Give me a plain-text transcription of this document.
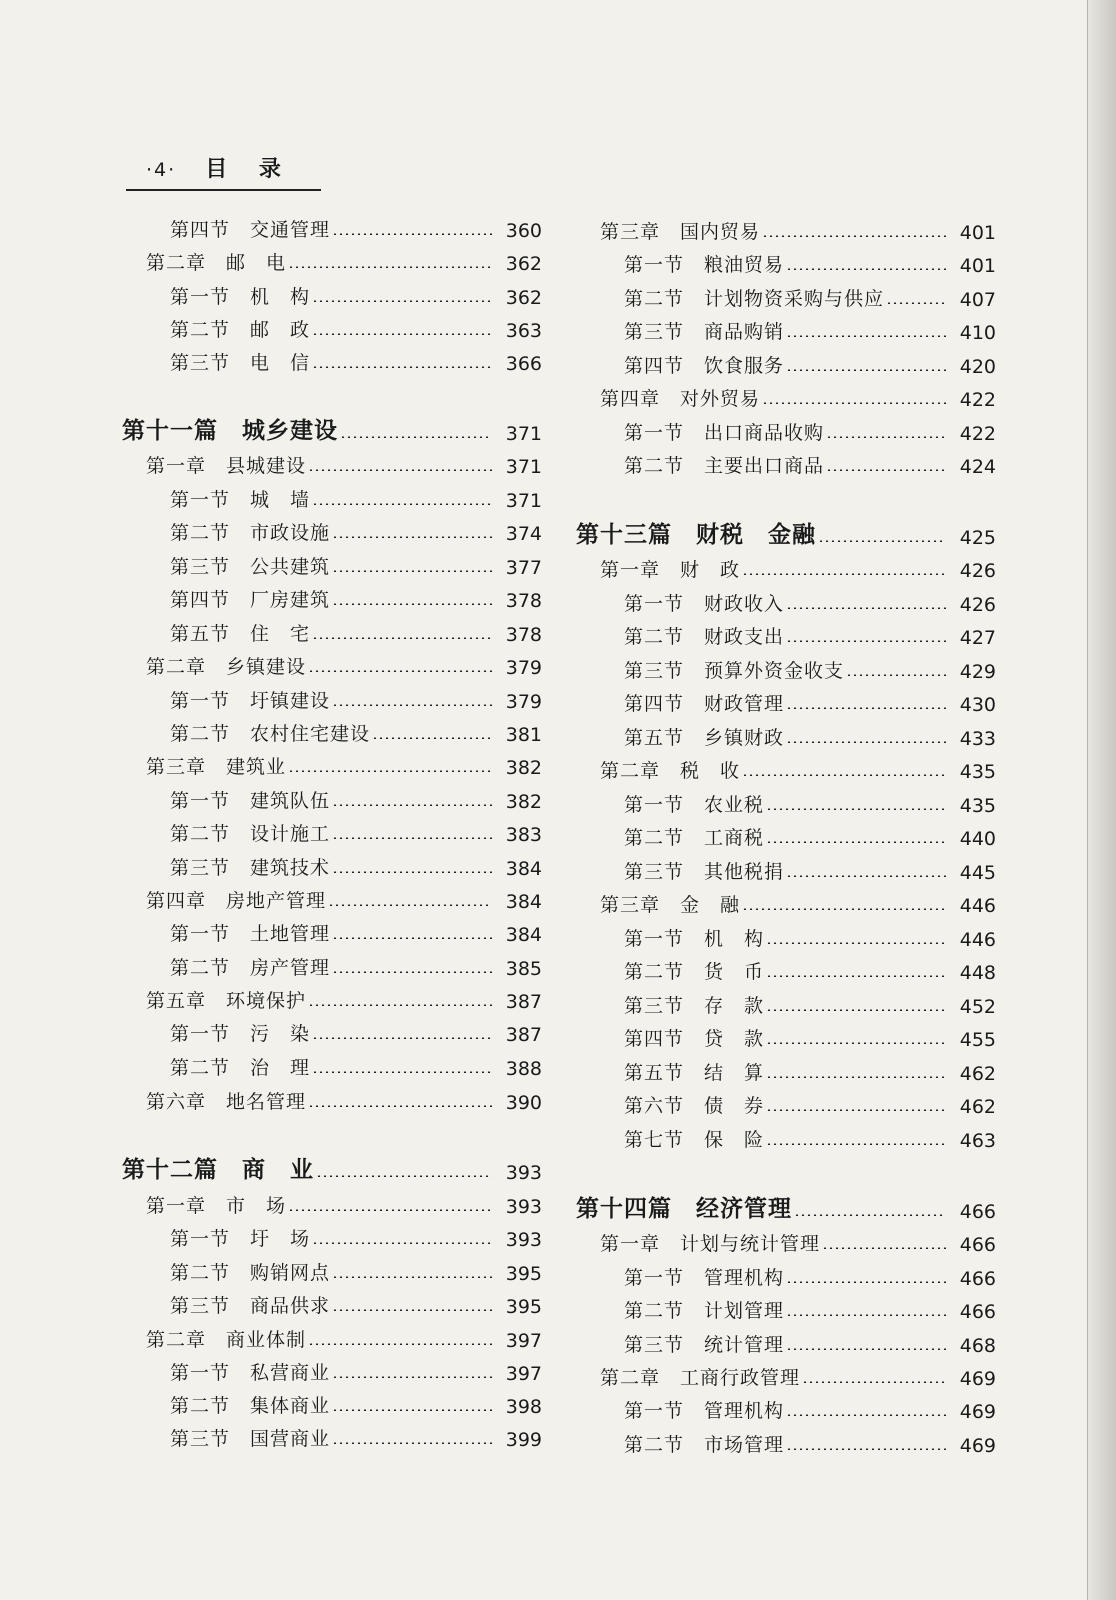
·4· 目 录
第四节　交通管理	360
第二章　邮　电	362
第一节　机　构	362
第二节　邮　政	363
第三节　电　信	366
第十一篇　城乡建设	371
第一章　县城建设	371
第一节　城　墙	371
第二节　市政设施	374
第三节　公共建筑	377
第四节　厂房建筑	378
第五节　住　宅	378
第二章　乡镇建设	379
第一节　圩镇建设	379
第二节　农村住宅建设	381
第三章　建筑业	382
第一节　建筑队伍	382
第二节　设计施工	383
第三节　建筑技术	384
第四章　房地产管理	384
第一节　土地管理	384
第二节　房产管理	385
第五章　环境保护	387
第一节　污　染	387
第二节　治　理	388
第六章　地名管理	390
第十二篇　商　业	393
第一章　市　场	393
第一节　圩　场	393
第二节　购销网点	395
第三节　商品供求	395
第二章　商业体制	397
第一节　私营商业	397
第二节　集体商业	398
第三节　国营商业	399
第三章　国内贸易	401
第一节　粮油贸易	401
第二节　计划物资采购与供应	407
第三节　商品购销	410
第四节　饮食服务	420
第四章　对外贸易	422
第一节　出口商品收购	422
第二节　主要出口商品	424
第十三篇　财税　金融	425
第一章　财　政	426
第一节　财政收入	426
第二节　财政支出	427
第三节　预算外资金收支	429
第四节　财政管理	430
第五节　乡镇财政	433
第二章　税　收	435
第一节　农业税	435
第二节　工商税	440
第三节　其他税捐	445
第三章　金　融	446
第一节　机　构	446
第二节　货　币	448
第三节　存　款	452
第四节　贷　款	455
第五节　结　算	462
第六节　债　券	462
第七节　保　险	463
第十四篇　经济管理	466
第一章　计划与统计管理	466
第一节　管理机构	466
第二节　计划管理	466
第三节　统计管理	468
第二章　工商行政管理	469
第一节　管理机构	469
第二节　市场管理	469
